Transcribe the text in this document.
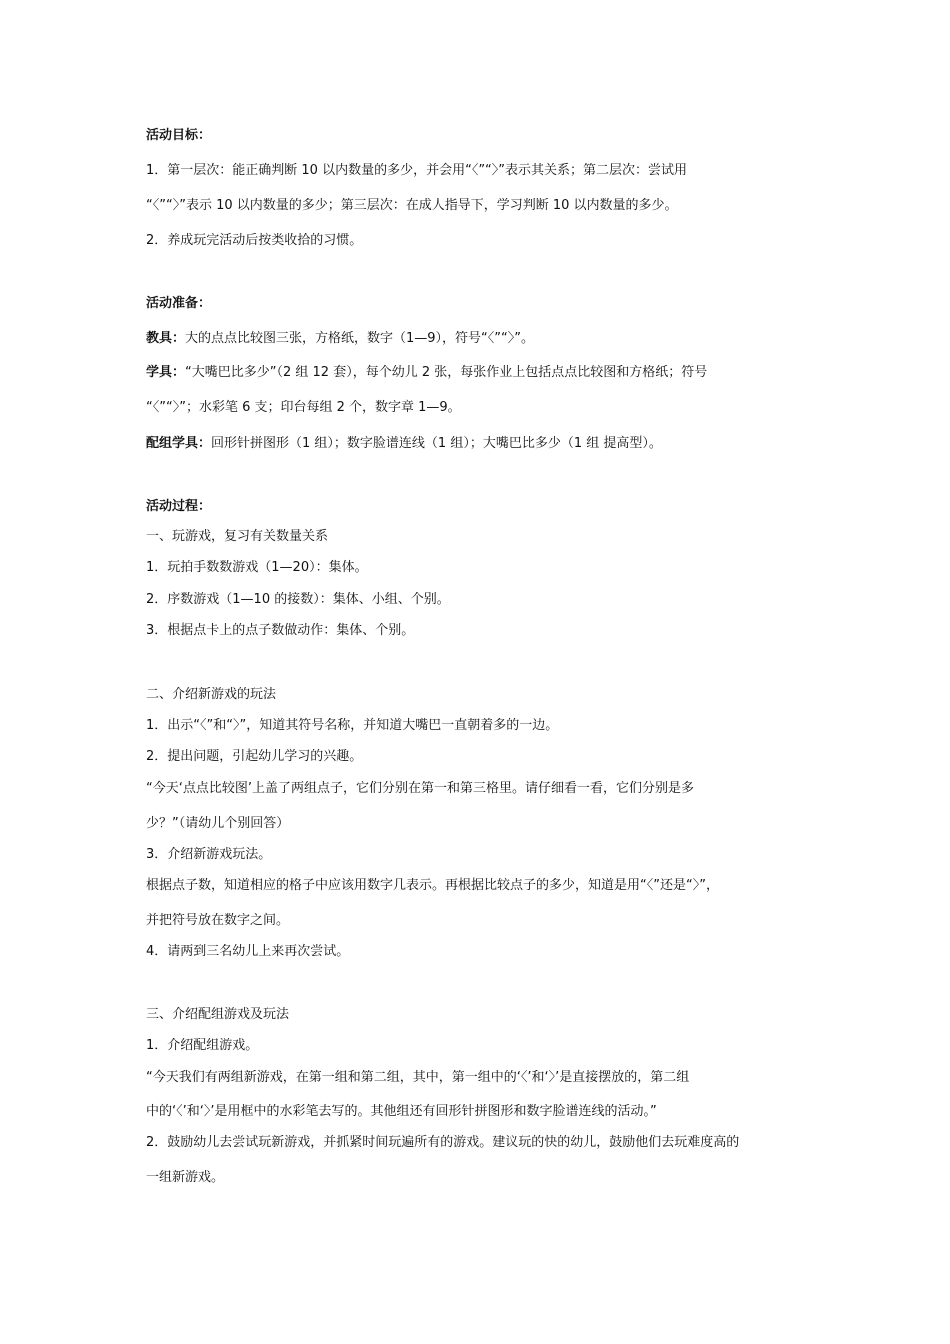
活动目标：

1．第一层次：能正确判断 10 以内数量的多少，并会用“〈”“〉”表示其关系；第二层次：尝试用

“〈”“〉”表示 10 以内数量的多少；第三层次：在成人指导下，学习判断 10 以内数量的多少。

2．养成玩完活动后按类收拾的习惯。

活动准备：

教具：大的点点比较图三张，方格纸，数字（1—9），符号“〈”“〉”。

学具：“大嘴巴比多少”（2 组 12 套），每个幼儿 2 张，每张作业上包括点点比较图和方格纸；符号

“〈”“〉”；水彩笔 6 支；印台每组 2 个，数字章 1—9。

配组学具：回形针拼图形（1 组）；数字脸谱连线（1 组）；大嘴巴比多少（1 组 提高型）。

活动过程：

一、玩游戏，复习有关数量关系

1．玩拍手数数游戏（1—20）：集体。

2．序数游戏（1—10 的接数）：集体、小组、个别。

3．根据点卡上的点子数做动作：集体、个别。

二、介绍新游戏的玩法

1．出示“〈”和“〉”，知道其符号名称，并知道大嘴巴一直朝着多的一边。

2．提出问题，引起幼儿学习的兴趣。

“今天‘点点比较图’上盖了两组点子，它们分别在第一和第三格里。请仔细看一看，它们分别是多

少？”（请幼儿个别回答）

3．介绍新游戏玩法。

根据点子数，知道相应的格子中应该用数字几表示。再根据比较点子的多少，知道是用“〈”还是“〉”，

并把符号放在数字之间。

4．请两到三名幼儿上来再次尝试。

三、介绍配组游戏及玩法

1．介绍配组游戏。

“今天我们有两组新游戏，在第一组和第二组，其中，第一组中的‘〈’和‘〉’是直接摆放的，第二组

中的‘〈’和‘〉’是用框中的水彩笔去写的。其他组还有回形针拼图形和数字脸谱连线的活动。”

2．鼓励幼儿去尝试玩新游戏，并抓紧时间玩遍所有的游戏。建议玩的快的幼儿，鼓励他们去玩难度高的

一组新游戏。
